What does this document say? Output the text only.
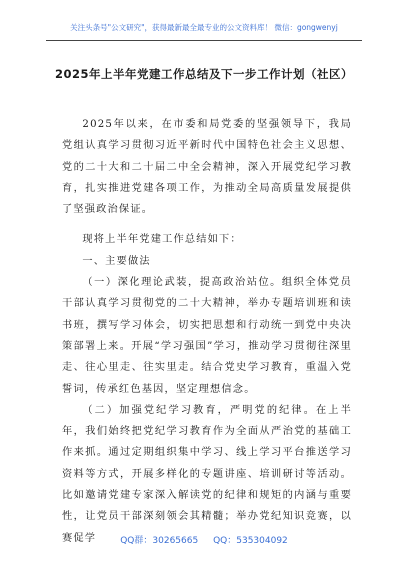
关注头条号"公文研究"，获得最新最全最专业的公文资料库！ 微信：gongwenyj
2025年上半年党建工作总结及下一步工作计划（社区）

2025年以来，在市委和局党委的坚强领导下，我局党组认真学习贯彻习近平新时代中国特色社会主义思想、党的二十大和二十届二中全会精神，深入开展党纪学习教育，扎实推进党建各项工作，为推动全局高质量发展提供了坚强政治保证。

现将上半年党建工作总结如下：

一、主要做法

（一）深化理论武装，提高政治站位。组织全体党员干部认真学习贯彻党的二十大精神，举办专题培训班和读书班，撰写学习体会，切实把思想和行动统一到党中央决策部署上来。开展“学习强国”学习，推动学习贯彻往深里走、往心里走、往实里走。结合党史学习教育，重温入党誓词，传承红色基因，坚定理想信念。

（二）加强党纪学习教育，严明党的纪律。在上半年，我们始终把党纪学习教育作为全面从严治党的基础工作来抓。通过定期组织集中学习、线上学习平台推送学习资料等方式，开展多样化的专题讲座、培训研讨等活动。比如邀请党建专家深入解读党的纪律和规矩的内涵与重要性，让党员干部深刻领会其精髓；举办党纪知识竞赛，以赛促学	QQ群：30265665 QQ：535304092
